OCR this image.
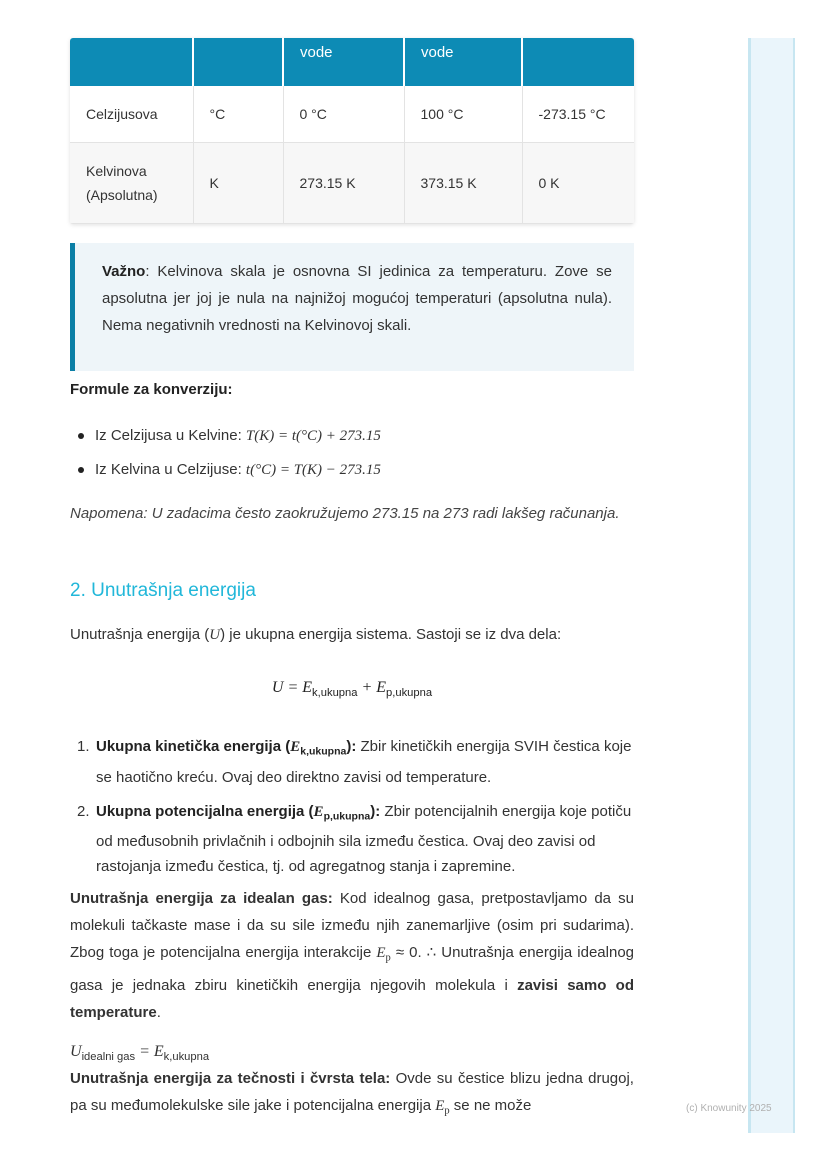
		vode	vode	
Celzijusova	°C	0 °C	100 °C	-273.15 °C
Kelvinova (Apsolutna)	K	273.15 K	373.15 K	0 K

Važno: Kelvinova skala je osnovna SI jedinica za temperaturu. Zove se apsolutna jer joj je nula na najnižoj mogućoj temperaturi (apsolutna nula). Nema negativnih vrednosti na Kelvinovoj skali.

Formule za konverziju:
Iz Celzijusa u Kelvine: T(K) = t(°C) + 273.15
Iz Kelvina u Celzijuse: t(°C) = T(K) − 273.15
Napomena: U zadacima često zaokružujemo 273.15 na 273 radi lakšeg računanja.
2. Unutrašnja energija
Unutrašnja energija (U) je ukupna energija sistema. Sastoji se iz dva dela:
$U = E_{k,ukupna} + E_{p,ukupna}$
1. Ukupna kinetička energija $(E_{k,ukupna})$: Zbir kinetičkih energija SVIH čestica koje se haotično kreću. Ovaj deo direktno zavisi od temperature.
2. Ukupna potencijalna energija $(E_{p,ukupna})$: Zbir potencijalnih energija koje potiču od međusobnih privlačnih i odbojnih sila između čestica. Ovaj deo zavisi od rastojanja između čestica, tj. od agregatnog stanja i zapremine.
Unutrašnja energija za idealan gas: Kod idealnog gasa, pretpostavljamo da su molekuli tačkaste mase i da su sile između njih zanemarljive (osim pri sudarima). Zbog toga je potencijalna energija interakcije $E_p \approx 0$. ∴ Unutrašnja energija idealnog gasa je jednaka zbiru kinetičkih energija njegovih molekula i zavisi samo od temperature.
$U_{idealni gas} = E_{k,ukupna}$
Unutrašnja energija za tečnosti i čvrsta tela: Ovde su čestice blizu jedna drugoj, pa su međumolekulske sile jake i potencijalna energija $E_p$ se ne može	(c) Knowunity 2025
